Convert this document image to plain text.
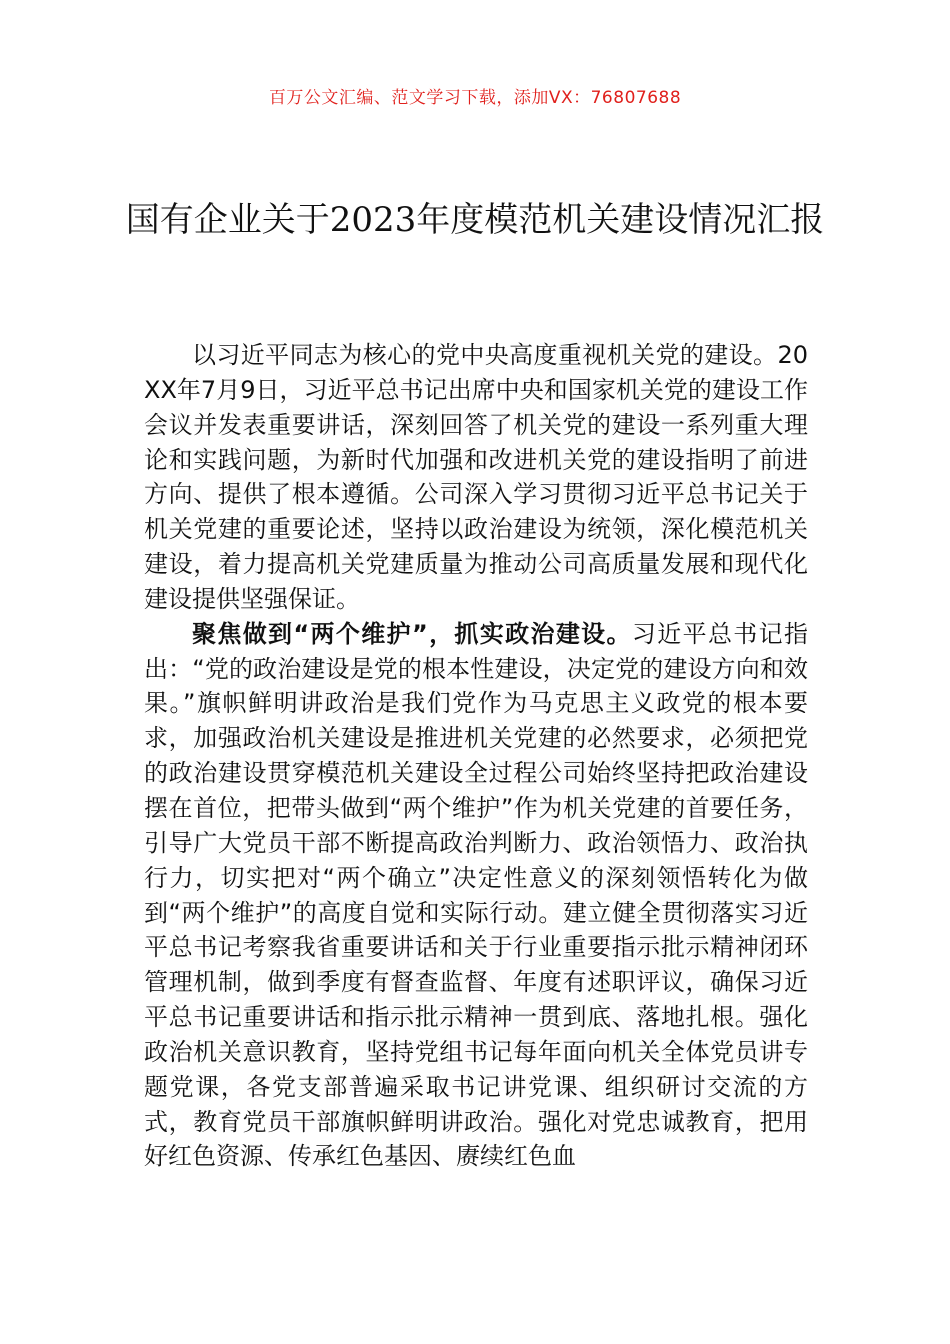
百万公文汇编、范文学习下载，添加VX：76807688
国有企业关于2023年度模范机关建设情况汇报

以习近平同志为核心的党中央高度重视机关党的建设。20XX年7月9日，习近平总书记出席中央和国家机关党的建设工作会议并发表重要讲话，深刻回答了机关党的建设一系列重大理论和实践问题，为新时代加强和改进机关党的建设指明了前进方向、提供了根本遵循。公司深入学习贯彻习近平总书记关于机关党建的重要论述，坚持以政治建设为统领，深化模范机关建设，着力提高机关党建质量为推动公司高质量发展和现代化建设提供坚强保证。

聚焦做到“两个维护”，抓实政治建设。习近平总书记指出：“党的政治建设是党的根本性建设，决定党的建设方向和效果。”旗帜鲜明讲政治是我们党作为马克思主义政党的根本要求，加强政治机关建设是推进机关党建的必然要求，必须把党的政治建设贯穿模范机关建设全过程公司始终坚持把政治建设摆在首位，把带头做到“两个维护”作为机关党建的首要任务，引导广大党员干部不断提高政治判断力、政治领悟力、政治执行力，切实把对“两个确立”决定性意义的深刻领悟转化为做到“两个维护”的高度自觉和实际行动。建立健全贯彻落实习近平总书记考察我省重要讲话和关于行业重要指示批示精神闭环管理机制，做到季度有督查监督、年度有述职评议，确保习近平总书记重要讲话和指示批示精神一贯到底、落地扎根。强化政治机关意识教育，坚持党组书记每年面向机关全体党员讲专题党课，各党支部普遍采取书记讲党课、组织研讨交流的方式，教育党员干部旗帜鲜明讲政治。强化对党忠诚教育，把用好红色资源、传承红色基因、赓续红色血
